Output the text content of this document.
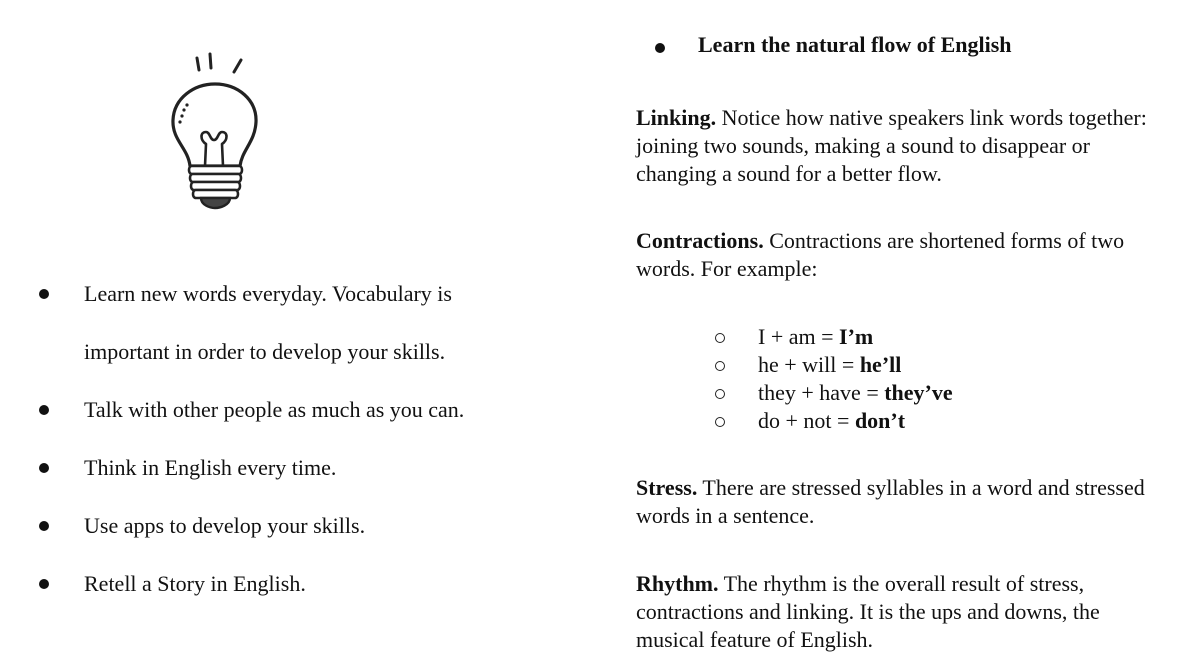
Learn new words everyday. Vocabulary is
important in order to develop your skills.
Talk with other people as much as you can.
Think in English every time.
Use apps to develop your skills.
Retell a Story in English.
Learn the natural flow of English

Linking. Notice how native speakers link words together: joining two sounds, making a sound to disappear or changing a sound for a better flow.

Contractions. Contractions are shortened forms of two words. For example:

I + am = I’m
he + will = he’ll
they + have = they’ve
do + not = don’t

Stress. There are stressed syllables in a word and stressed words in a sentence.

Rhythm. The rhythm is the overall result of stress, contractions and linking. It is the ups and downs, the musical feature of English.
